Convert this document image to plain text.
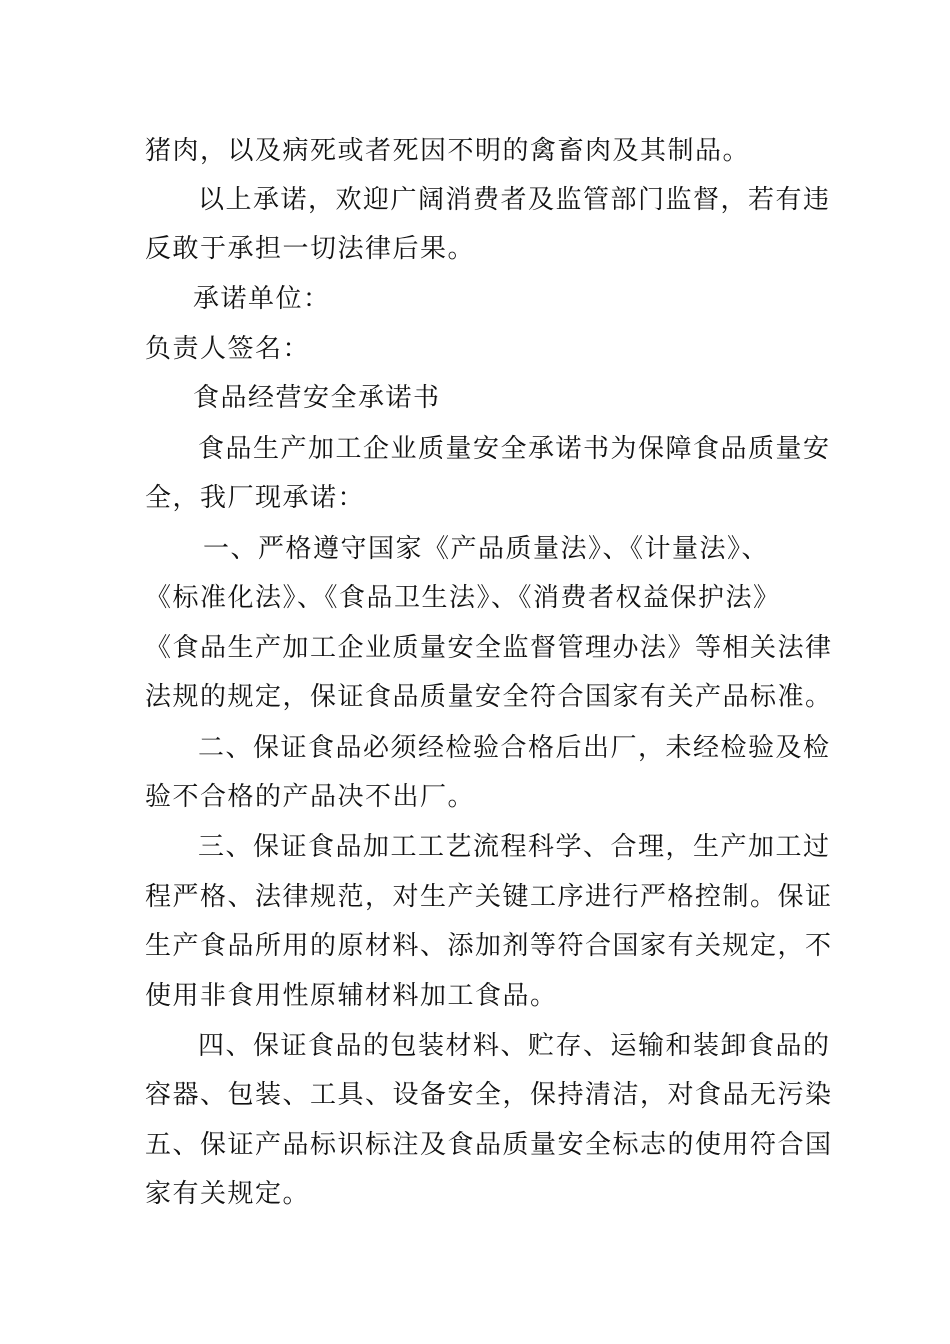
猪肉，以及病死或者死因不明的禽畜肉及其制品。

以上承诺，欢迎广阔消费者及监管部门监督，若有违

反敢于承担一切法律后果。

承诺单位：

负责人签名：

食品经营安全承诺书

食品生产加工企业质量安全承诺书为保障食品质量安

全，我厂现承诺：

一、严格遵守国家《产品质量法》、《计量法》、

《标准化法》、《食品卫生法》、《消费者权益保护法》

《食品生产加工企业质量安全监督管理办法》等相关法律

法规的规定，保证食品质量安全符合国家有关产品标准。

二、保证食品必须经检验合格后出厂，未经检验及检

验不合格的产品决不出厂。

三、保证食品加工工艺流程科学、合理，生产加工过

程严格、法律规范，对生产关键工序进行严格控制。保证

生产食品所用的原材料、添加剂等符合国家有关规定，不

使用非食用性原辅材料加工食品。

四、保证食品的包装材料、贮存、运输和装卸食品的

容器、包装、工具、设备安全，保持清洁，对食品无污染

五、保证产品标识标注及食品质量安全标志的使用符合国

家有关规定。
